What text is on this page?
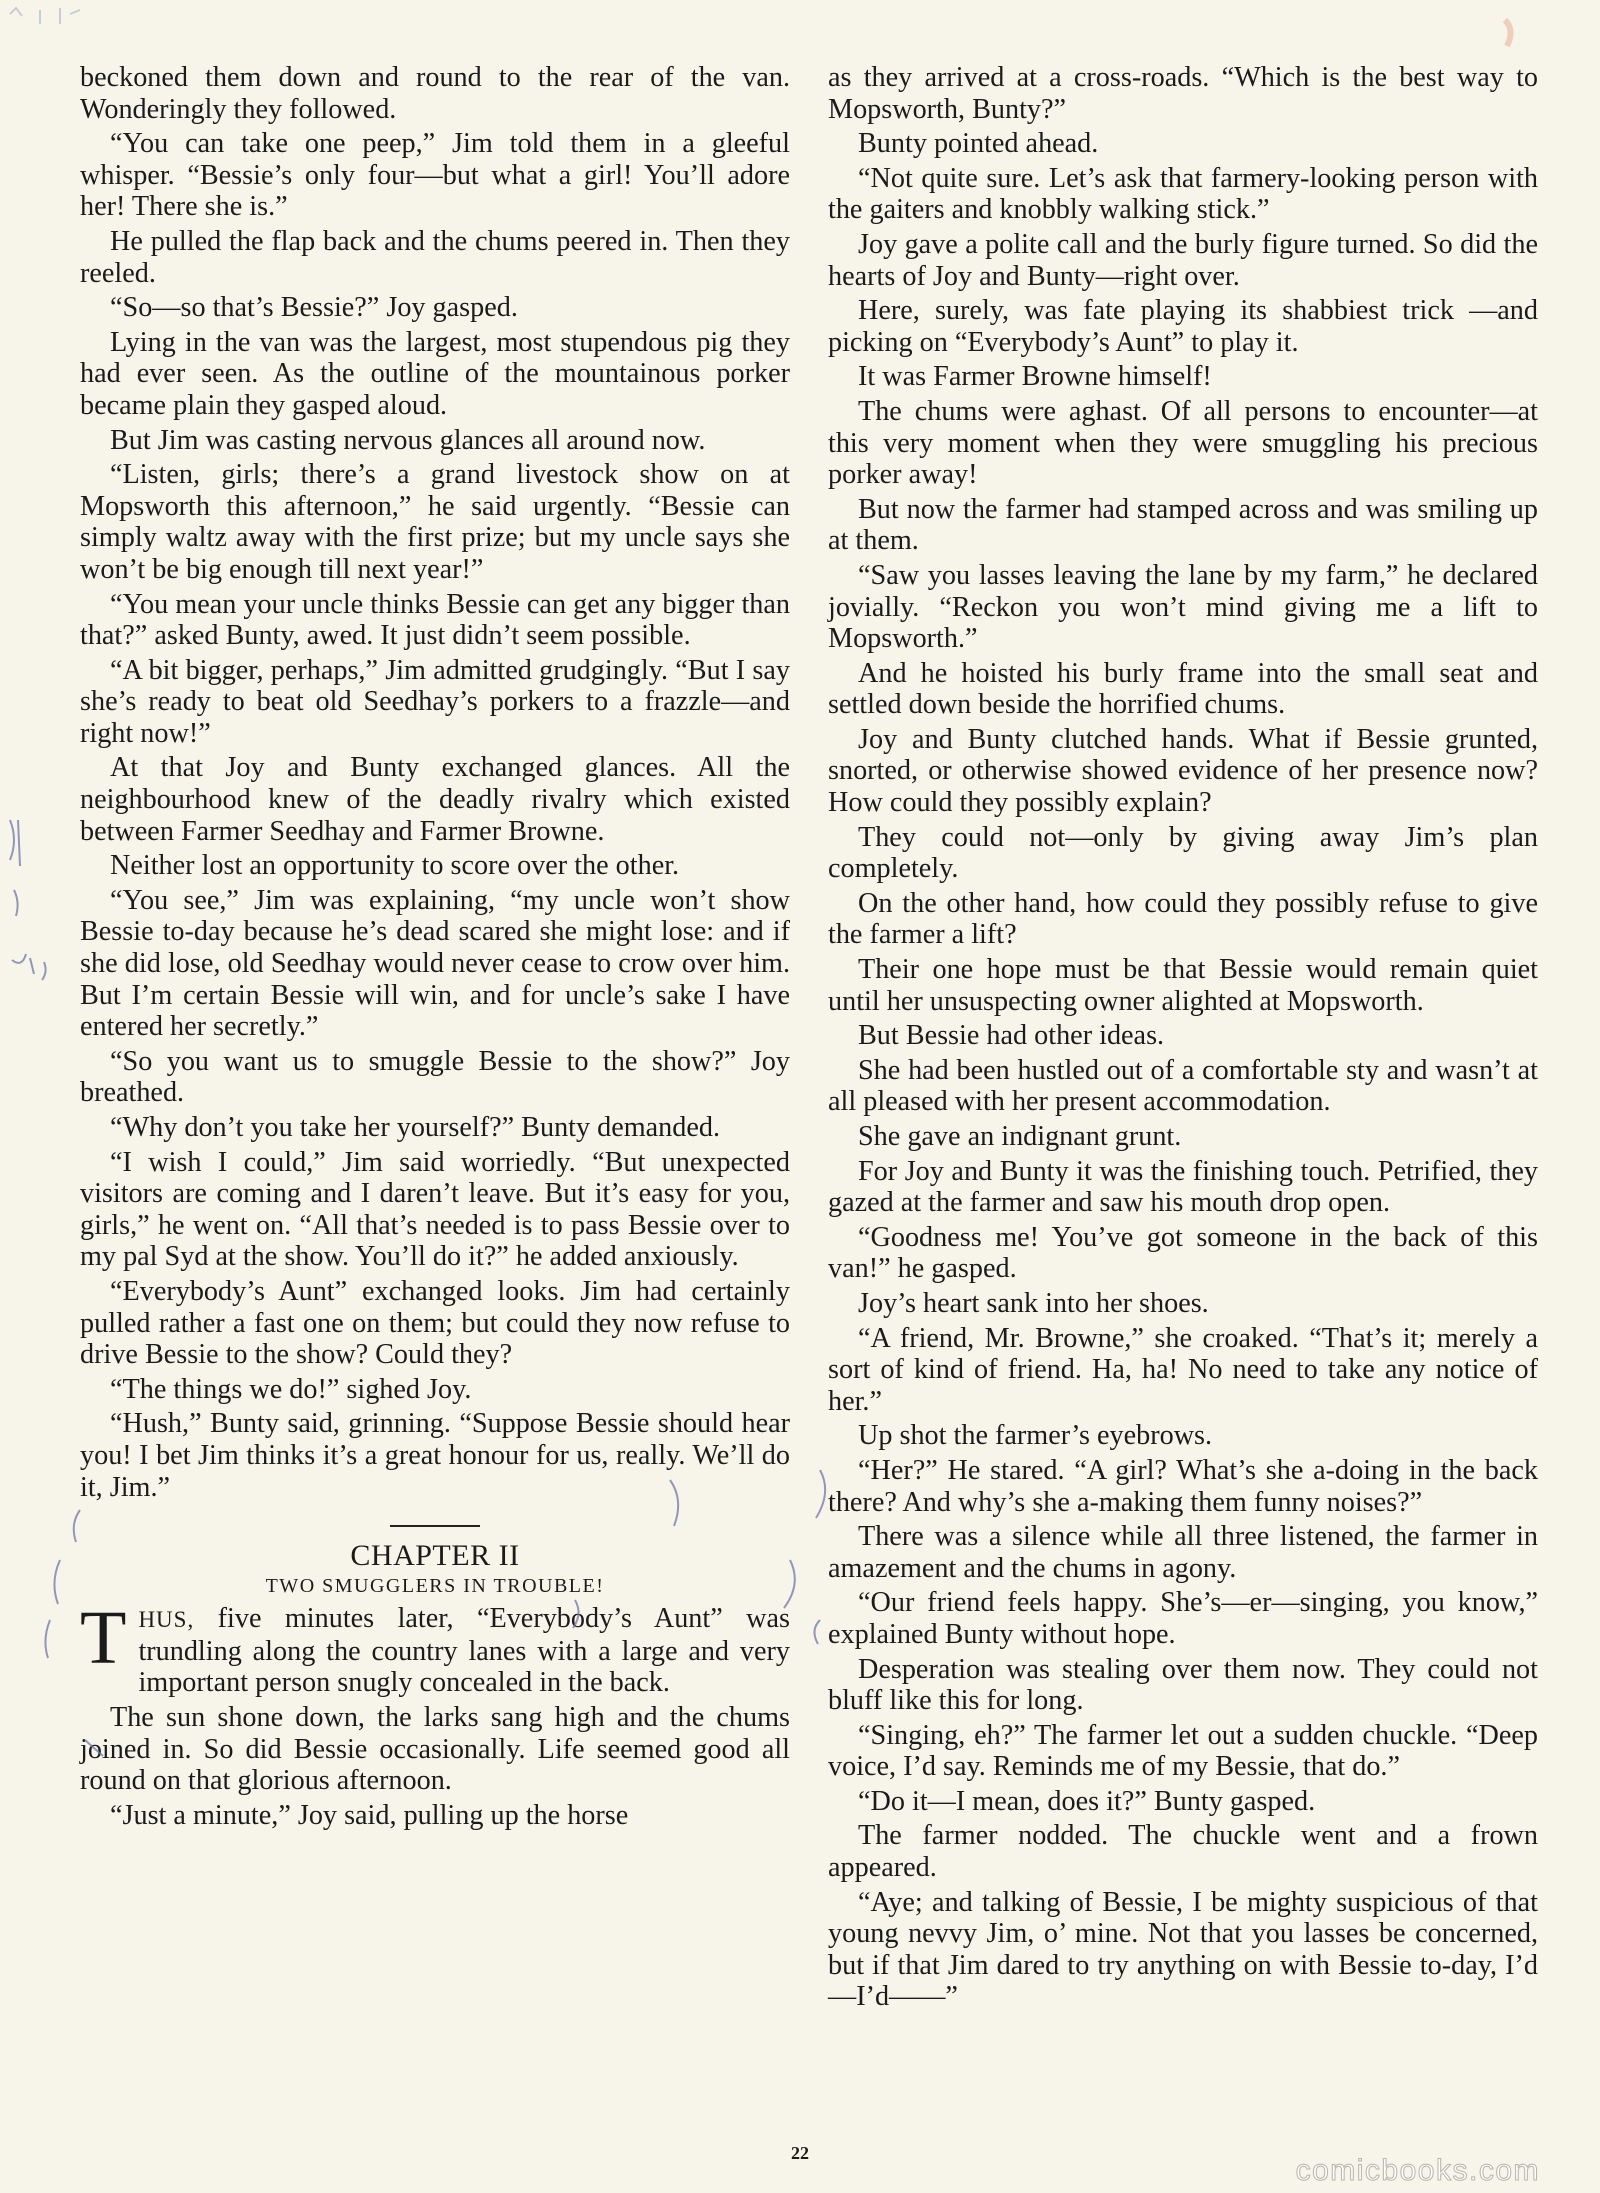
beckoned them down and round to the rear of the van. Wonderingly they followed.

“You can take one peep,” Jim told them in a gleeful whisper. “Bessie’s only four—but what a girl! You’ll adore her! There she is.”

He pulled the flap back and the chums peered in. Then they reeled.

“So—so that’s Bessie?” Joy gasped.

Lying in the van was the largest, most stupendous pig they had ever seen. As the outline of the mountainous porker became plain they gasped aloud.

But Jim was casting nervous glances all around now.

“Listen, girls; there’s a grand livestock show on at Mopsworth this afternoon,” he said urgently. “Bessie can simply waltz away with the first prize; but my uncle says she won’t be big enough till next year!”

“You mean your uncle thinks Bessie can get any bigger than that?” asked Bunty, awed. It just didn’t seem possible.

“A bit bigger, perhaps,” Jim admitted grudgingly. “But I say she’s ready to beat old Seedhay’s porkers to a frazzle—and right now!”

At that Joy and Bunty exchanged glances. All the neighbourhood knew of the deadly rivalry which existed between Farmer Seedhay and Farmer Browne.

Neither lost an opportunity to score over the other.

“You see,” Jim was explaining, “my uncle won’t show Bessie to-day because he’s dead scared she might lose: and if she did lose, old Seedhay would never cease to crow over him. But I’m certain Bessie will win, and for uncle’s sake I have entered her secretly.”

“So you want us to smuggle Bessie to the show?” Joy breathed.

“Why don’t you take her yourself?” Bunty demanded.

“I wish I could,” Jim said worriedly. “But unexpected visitors are coming and I daren’t leave. But it’s easy for you, girls,” he went on. “All that’s needed is to pass Bessie over to my pal Syd at the show. You’ll do it?” he added anxiously.

“Everybody’s Aunt” exchanged looks. Jim had certainly pulled rather a fast one on them; but could they now refuse to drive Bessie to the show? Could they?

“The things we do!” sighed Joy.

“Hush,” Bunty said, grinning. “Suppose Bessie should hear you! I bet Jim thinks it’s a great honour for us, really. We’ll do it, Jim.”

CHAPTER II
TWO SMUGGLERS IN TROUBLE!

THUS, five minutes later, “Everybody’s Aunt” was trundling along the country lanes with a large and very important person snugly concealed in the back.

The sun shone down, the larks sang high and the chums joined in. So did Bessie occasionally. Life seemed good all round on that glorious afternoon.

“Just a minute,” Joy said, pulling up the horse

as they arrived at a cross-roads. “Which is the best way to Mopsworth, Bunty?”

Bunty pointed ahead.

“Not quite sure. Let’s ask that farmery-looking person with the gaiters and knobbly walking stick.”

Joy gave a polite call and the burly figure turned. So did the hearts of Joy and Bunty—right over.

Here, surely, was fate playing its shabbiest trick —and picking on “Everybody’s Aunt” to play it.

It was Farmer Browne himself!

The chums were aghast. Of all persons to encounter—at this very moment when they were smuggling his precious porker away!

But now the farmer had stamped across and was smiling up at them.

“Saw you lasses leaving the lane by my farm,” he declared jovially. “Reckon you won’t mind giving me a lift to Mopsworth.”

And he hoisted his burly frame into the small seat and settled down beside the horrified chums.

Joy and Bunty clutched hands. What if Bessie grunted, snorted, or otherwise showed evidence of her presence now? How could they possibly explain?

They could not—only by giving away Jim’s plan completely.

On the other hand, how could they possibly refuse to give the farmer a lift?

Their one hope must be that Bessie would remain quiet until her unsuspecting owner alighted at Mopsworth.

But Bessie had other ideas.

She had been hustled out of a comfortable sty and wasn’t at all pleased with her present accommodation.

She gave an indignant grunt.

For Joy and Bunty it was the finishing touch. Petrified, they gazed at the farmer and saw his mouth drop open.

“Goodness me! You’ve got someone in the back of this van!” he gasped.

Joy’s heart sank into her shoes.

“A friend, Mr. Browne,” she croaked. “That’s it; merely a sort of kind of friend. Ha, ha! No need to take any notice of her.”

Up shot the farmer’s eyebrows.

“Her?” He stared. “A girl? What’s she a-doing in the back there? And why’s she a-making them funny noises?”

There was a silence while all three listened, the farmer in amazement and the chums in agony.

“Our friend feels happy. She’s—er—singing, you know,” explained Bunty without hope.

Desperation was stealing over them now. They could not bluff like this for long.

“Singing, eh?” The farmer let out a sudden chuckle. “Deep voice, I’d say. Reminds me of my Bessie, that do.”

“Do it—I mean, does it?” Bunty gasped.

The farmer nodded. The chuckle went and a frown appeared.

“Aye; and talking of Bessie, I be mighty suspicious of that young nevvy Jim, o’ mine. Not that you lasses be concerned, but if that Jim dared to try anything on with Bessie to-day, I’d—I’d——”

22
comicbooks.com
